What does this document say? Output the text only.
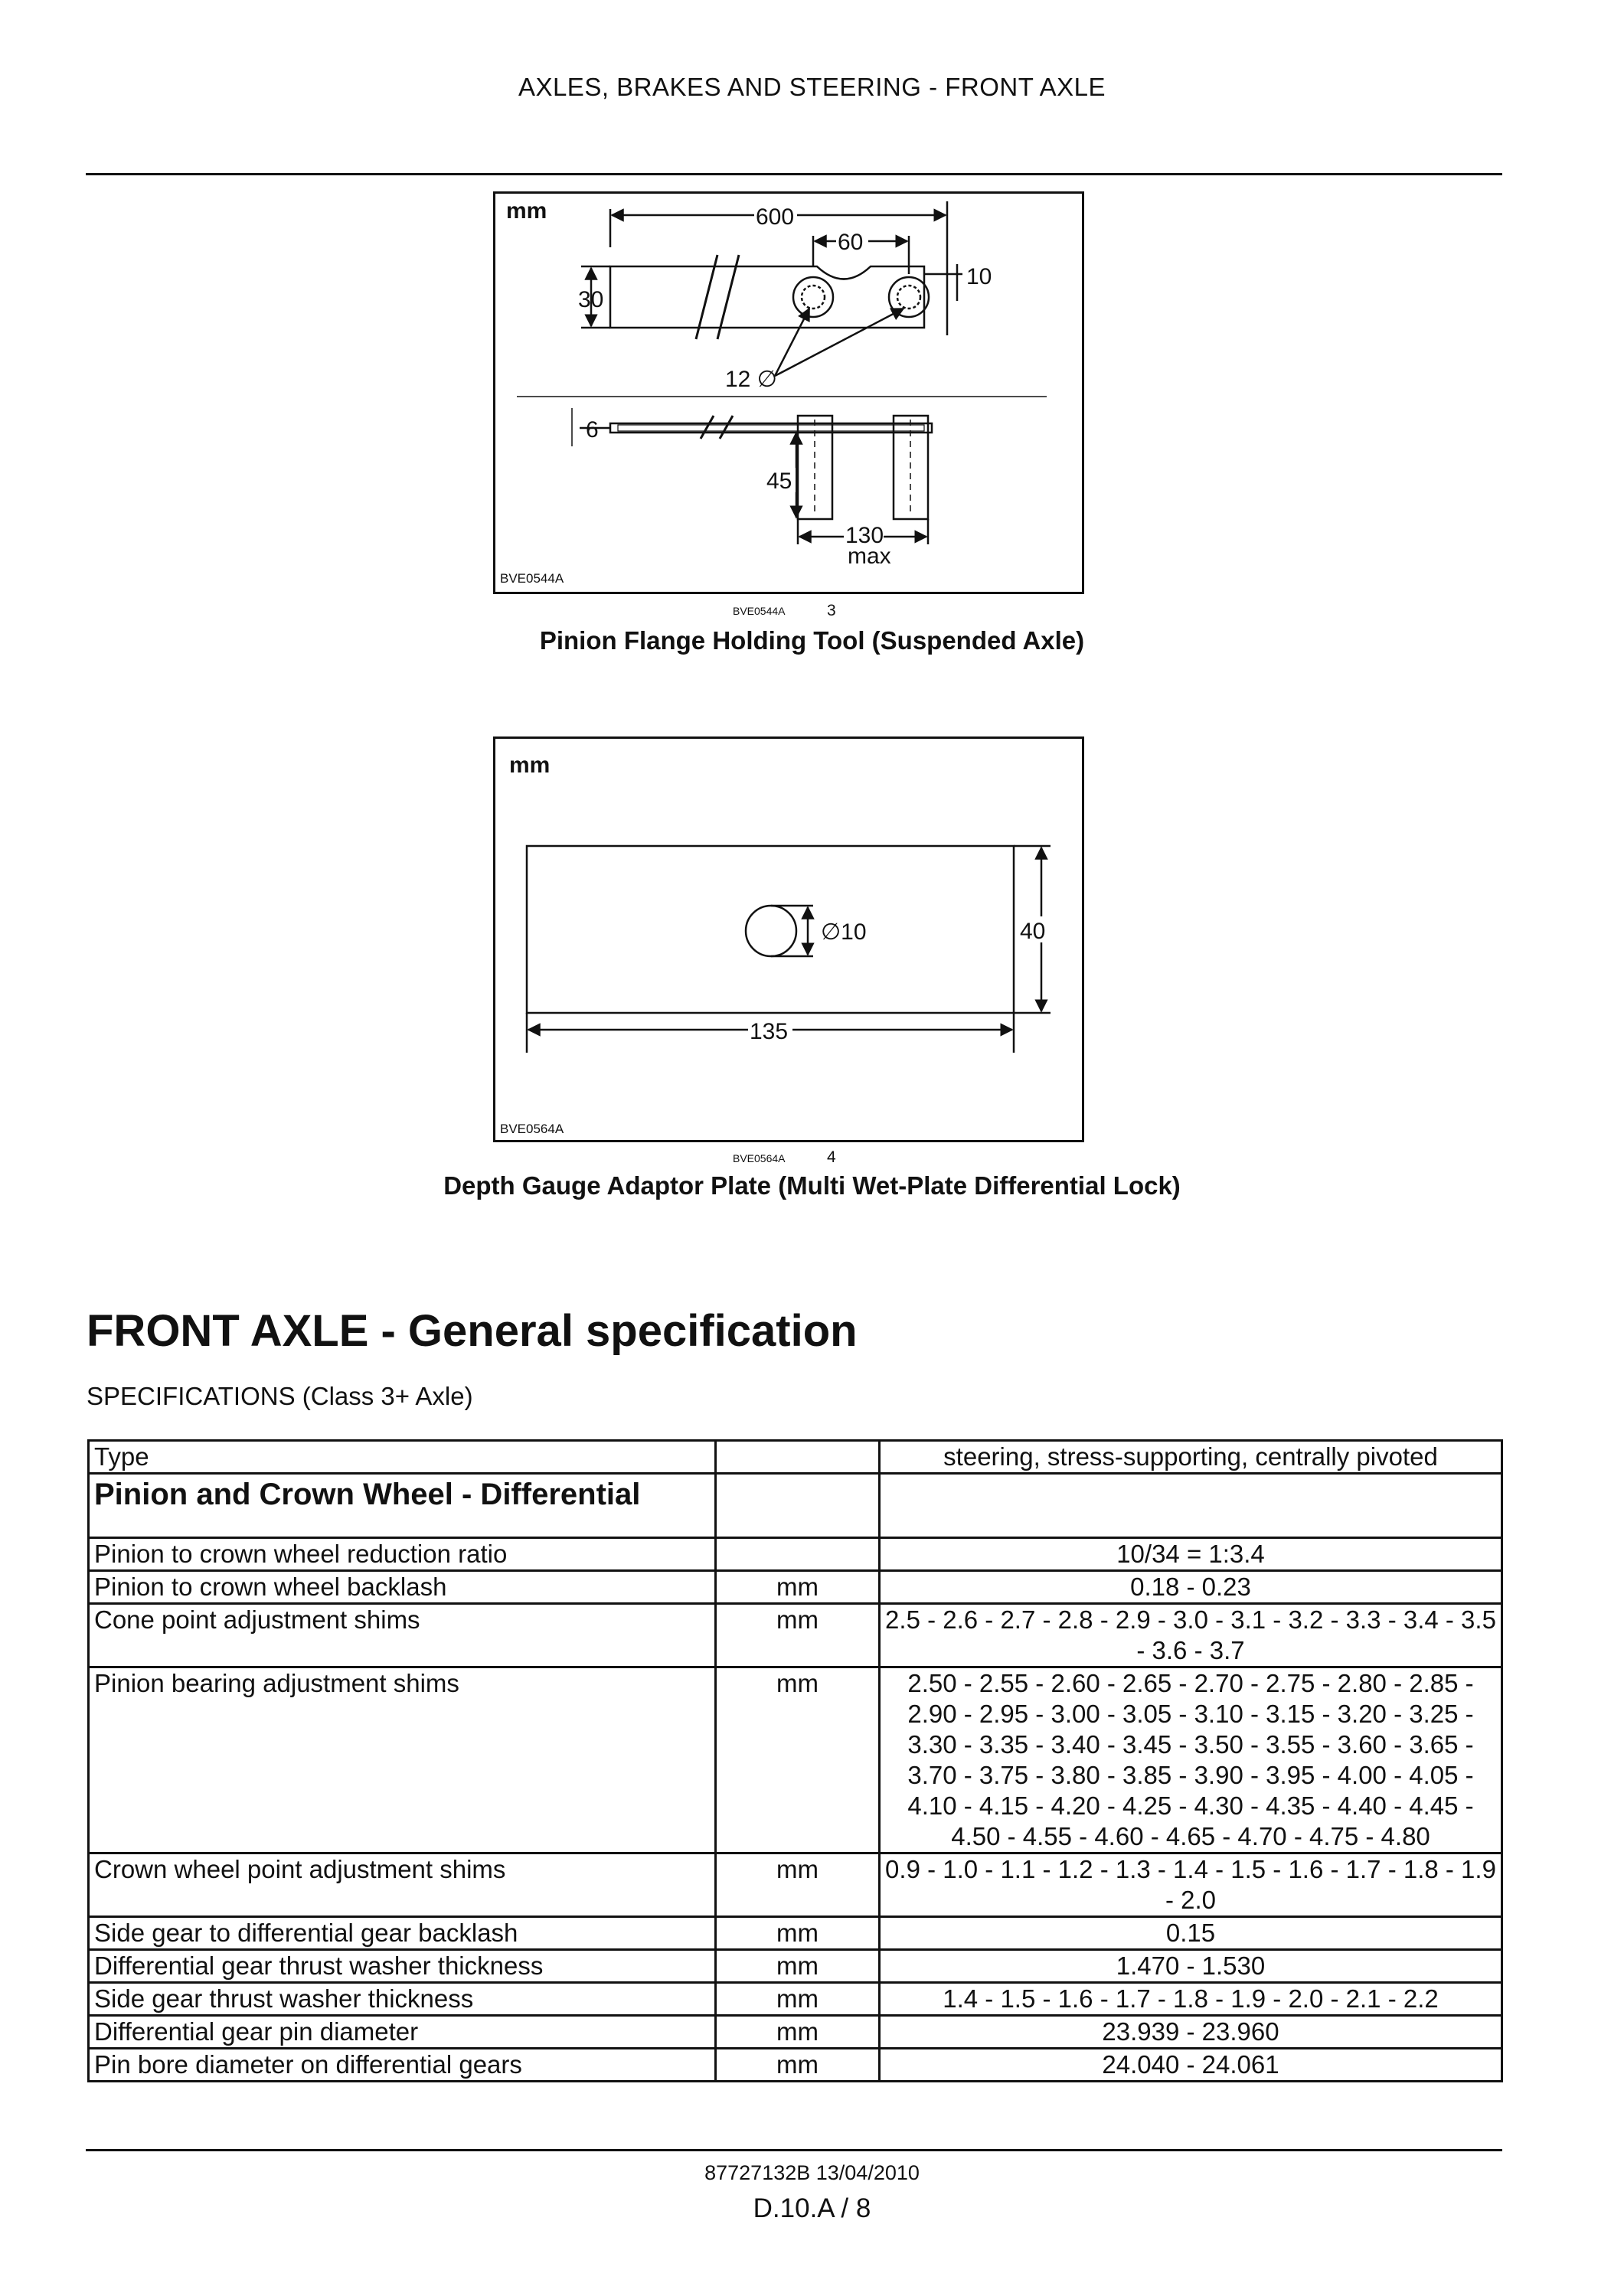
AXLES, BRAKES AND STEERING - FRONT AXLE
mm	600
60
10
30
12 ∅
6
45
130
max
BVE0544A
BVE0544A	3
Pinion Flange Holding Tool (Suspended Axle)
mm
∅10	40
135
BVE0564A
BVE0564A	4
Depth Gauge Adaptor Plate (Multi Wet-Plate Differential Lock)
FRONT AXLE - General specification
SPECIFICATIONS (Class 3+ Axle)
Type		steering, stress-supporting, centrally pivoted
Pinion and Crown Wheel - Differential		
Pinion to crown wheel reduction ratio		10/34 = 1:3.4
Pinion to crown wheel backlash	mm	0.18 - 0.23
Cone point adjustment shims	mm	2.5 - 2.6 - 2.7 - 2.8 - 2.9 - 3.0 - 3.1 - 3.2 - 3.3 - 3.4 - 3.5 - 3.6 - 3.7
Pinion bearing adjustment shims	mm	2.50 - 2.55 - 2.60 - 2.65 - 2.70 - 2.75 - 2.80 - 2.85 - 2.90 - 2.95 - 3.00 - 3.05 - 3.10 - 3.15 - 3.20 - 3.25 - 3.30 - 3.35 - 3.40 - 3.45 - 3.50 - 3.55 - 3.60 - 3.65 - 3.70 - 3.75 - 3.80 - 3.85 - 3.90 - 3.95 - 4.00 - 4.05 - 4.10 - 4.15 - 4.20 - 4.25 - 4.30 - 4.35 - 4.40 - 4.45 - 4.50 - 4.55 - 4.60 - 4.65 - 4.70 - 4.75 - 4.80
Crown wheel point adjustment shims	mm	0.9 - 1.0 - 1.1 - 1.2 - 1.3 - 1.4 - 1.5 - 1.6 - 1.7 - 1.8 - 1.9 - 2.0
Side gear to differential gear backlash	mm	0.15
Differential gear thrust washer thickness	mm	1.470 - 1.530
Side gear thrust washer thickness	mm	1.4 - 1.5 - 1.6 - 1.7 - 1.8 - 1.9 - 2.0 - 2.1 - 2.2
Differential gear pin diameter	mm	23.939 - 23.960
Pin bore diameter on differential gears	mm	24.040 - 24.061
87727132B 13/04/2010
D.10.A / 8
